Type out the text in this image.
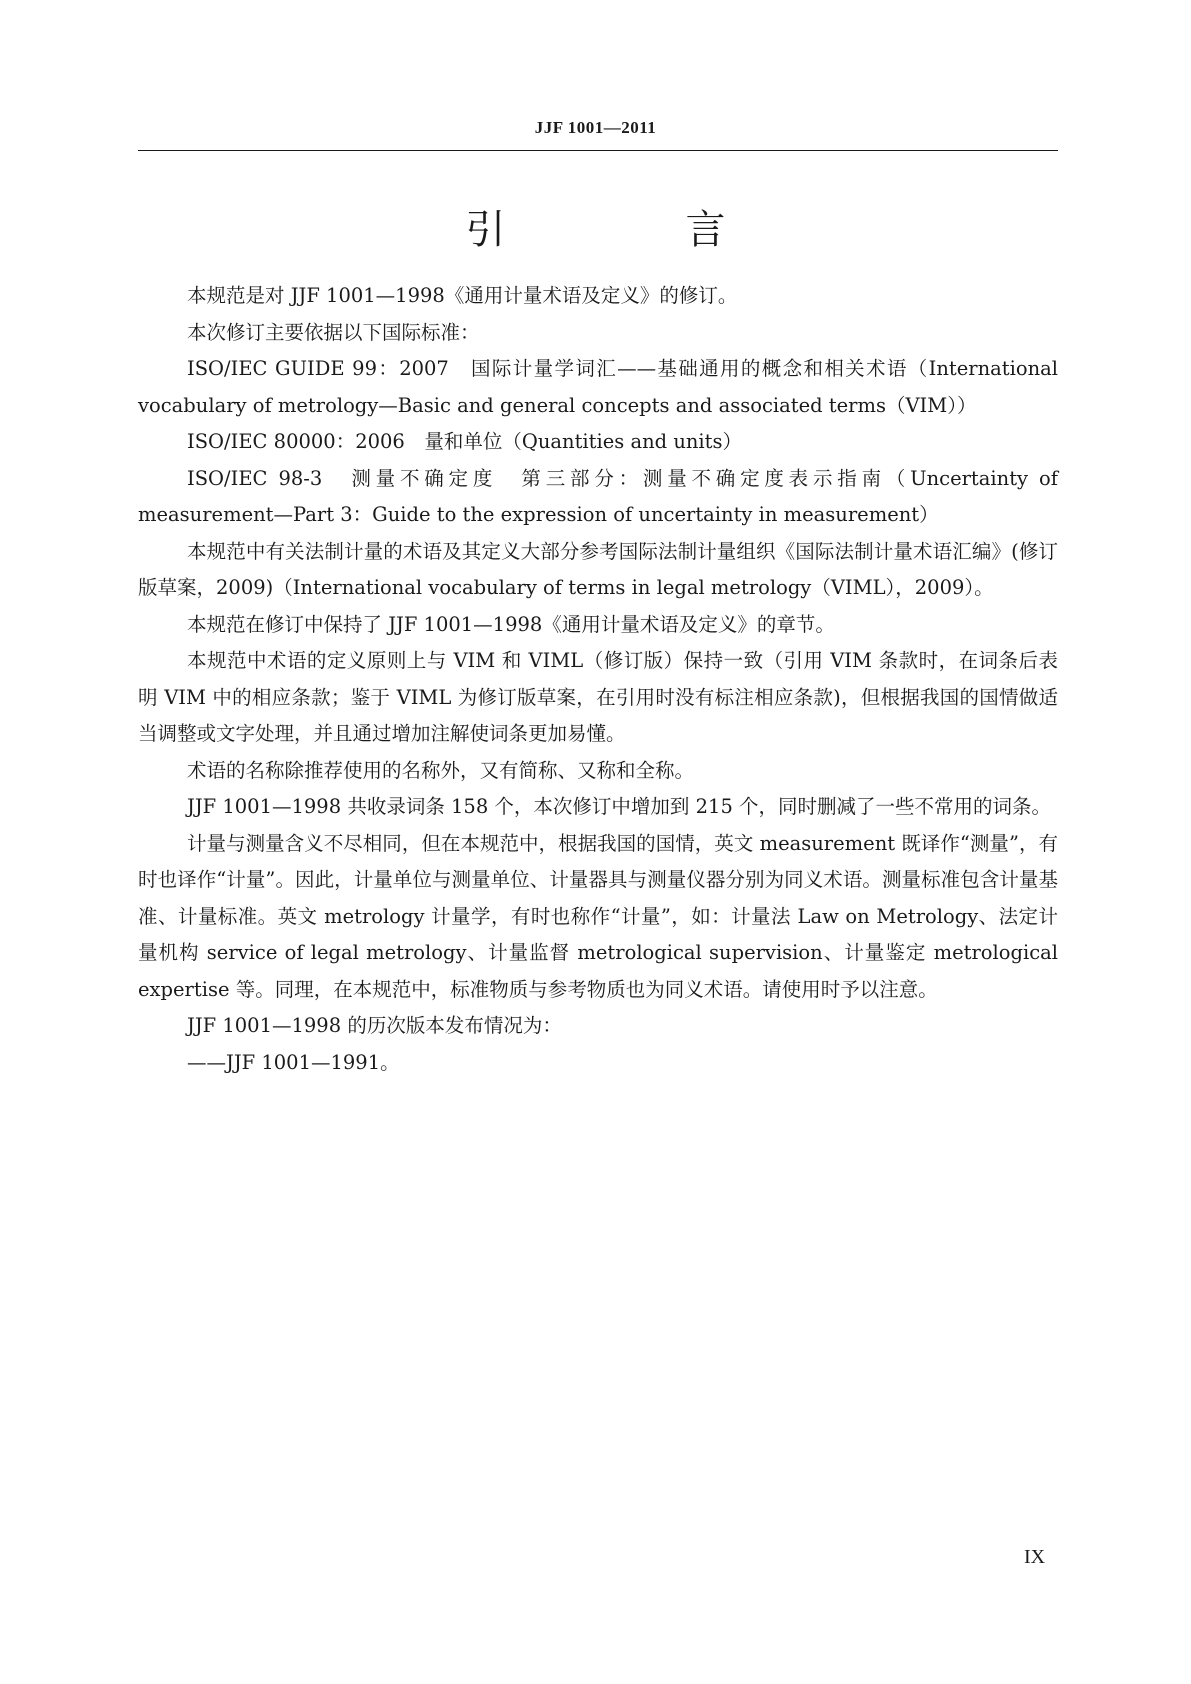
JJF 1001—2011
引　言

本规范是对 JJF 1001—1998《通用计量术语及定义》的修订。

本次修订主要依据以下国际标准：

ISO/IEC GUIDE 99：2007　国际计量学词汇——基础通用的概念和相关术语（International vocabulary of metrology—Basic and general concepts and associated terms（VIM））

ISO/IEC 80000：2006　量和单位（Quantities and units）

ISO/IEC 98-3　测量不确定度　第三部分：测量不确定度表示指南（Uncertainty of measurement—Part 3：Guide to the expression of uncertainty in measurement）

本规范中有关法制计量的术语及其定义大部分参考国际法制计量组织《国际法制计量术语汇编》(修订版草案，2009)（International vocabulary of terms in legal metrology（VIML），2009）。

本规范在修订中保持了 JJF 1001—1998《通用计量术语及定义》的章节。

本规范中术语的定义原则上与 VIM 和 VIML（修订版）保持一致（引用 VIM 条款时，在词条后表明 VIM 中的相应条款；鉴于 VIML 为修订版草案，在引用时没有标注相应条款)，但根据我国的国情做适当调整或文字处理，并且通过增加注解使词条更加易懂。

术语的名称除推荐使用的名称外，又有简称、又称和全称。

JJF 1001—1998 共收录词条 158 个，本次修订中增加到 215 个，同时删减了一些不常用的词条。

计量与测量含义不尽相同，但在本规范中，根据我国的国情，英文 measurement 既译作“测量”，有时也译作“计量”。因此，计量单位与测量单位、计量器具与测量仪器分别为同义术语。测量标准包含计量基准、计量标准。英文 metrology 计量学，有时也称作“计量”，如：计量法 Law on Metrology、法定计量机构 service of legal metrology、计量监督 metrological supervision、计量鉴定 metrological expertise 等。同理，在本规范中，标准物质与参考物质也为同义术语。请使用时予以注意。

JJF 1001—1998 的历次版本发布情况为：

——JJF 1001—1991。

IX
